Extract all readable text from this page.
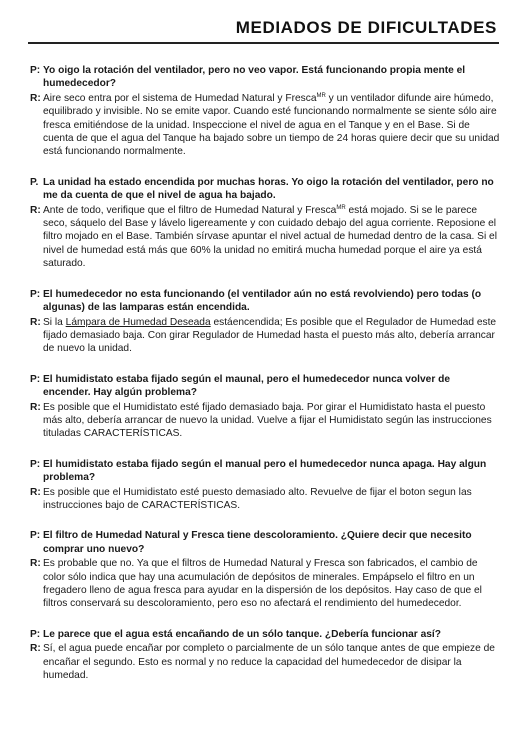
MEDIADOS DE DIFICULTADES
P: Yo oigo la rotación del ventilador, pero no veo vapor. Está funcionando propia mente el humedecedor?
R: Aire seco entra por el sistema de Humedad Natural y Fresca$^{MR}$ y un ventilador difunde aire húmedo, equilibrado y invisible. No se emite vapor. Cuando esté funcionando normalmente se siente sólo aire fresca emitiéndose de la unidad. Inspeccione el nivel de agua en el Tanque y en el Base. Si de cuenta de que el agua del Tanque ha bajado sobre un tiempo de 24 horas quiere decir que su unidad está funcionando normalmente.
P. La unidad ha estado encendida por muchas horas. Yo oigo la rotación del ventilador, pero no me da cuenta de que el nivel de agua ha bajado.
R: Ante de todo, verifique que el filtro de Humedad Natural y Fresca$^{MR}$ está mojado. Si se le parece seco, sáquelo del Base y lávelo ligereamente y con cuidado debajo del agua corriente. Reposione el filtro mojado en el Base. También sírvase apuntar el nivel actual de humedad dentro de la casa. Si el nivel de humedad está más que 60% la unidad no emitirá mucha humedad porque el aire ya está saturado.
P: El humedecedor no esta funcionando (el ventilador aún no está revolviendo) pero todas (o algunas) de las lamparas están encendida.
R: Si la Lámpara de Humedad Deseada estáencendida; Es posible que el Regulador de Humedad este fijado demasiado baja. Con girar Regulador de Humedad hasta el puesto más alto, debería arrancar de nuevo la unidad.
P: El humidistato estaba fijado según el maunal, pero el humedecedor nunca volver de encender. Hay algún problema?
R: Es posible que el Humidistato esté fijado demasiado baja. Por girar el Humidistato hasta el puesto más alto, debería arrancar de nuevo la unidad. Vuelve a fijar el Humidistato según las instrucciones tituladas CARACTERÍSTICAS.
P: El humidistato estaba fijado según el manual pero el humedecedor nunca apaga. Hay algun problema?
R: Es posible que el Humidistato esté puesto demasiado alto. Revuelve de fijar el boton segun las instrucciones bajo de CARACTERÍSTICAS.
P: El filtro de Humedad Natural y Fresca tiene descoloramiento. ¿Quiere decir que necesito comprar uno nuevo?
R: Es probable que no. Ya que el filtros de Humedad Natural y Fresca son fabricados, el cambio de color sólo indica que hay una acumulación de depósitos de minerales. Empápselo el filtro en un fregadero lleno de agua fresca para ayudar en la dispersión de los depósitos. Hay caso de que el filtros conservará su descoloramiento, pero eso no afectará el rendimiento del humedecedor.
P: Le parece que el agua está encañando de un sólo tanque. ¿Debería funcionar así?
R: Sí, el agua puede encañar por completo o parcialmente de un sólo tanque antes de que empieze de encañar el segundo. Esto es normal y no reduce la capacidad del humedecedor de disipar la humedad.
